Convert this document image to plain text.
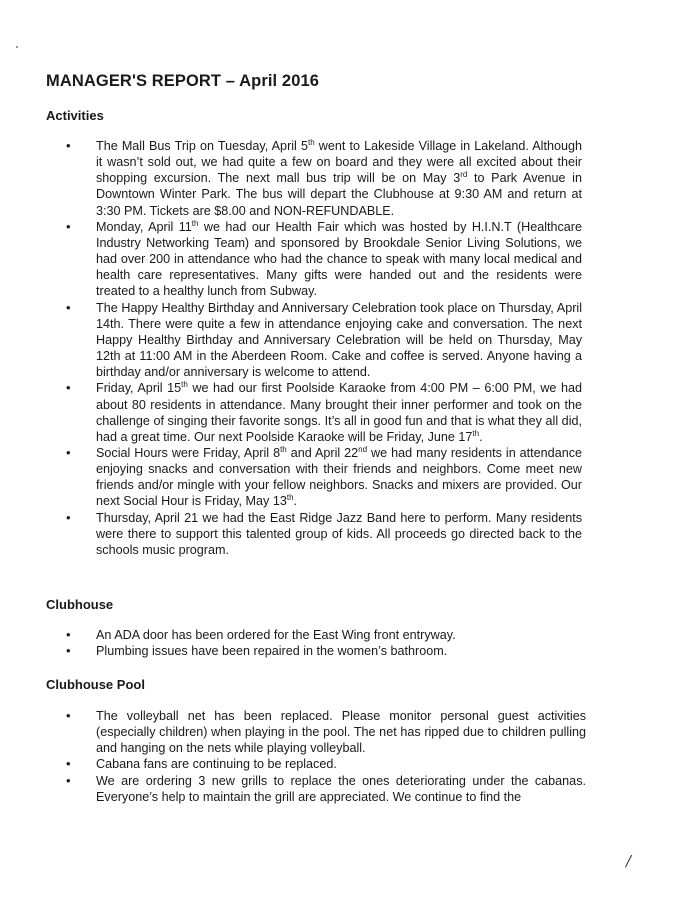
MANAGER'S REPORT – April 2016
Activities
• The Mall Bus Trip on Tuesday, April 5th went to Lakeside Village in Lakeland. Although it wasn’t sold out, we had quite a few on board and they were all excited about their shopping excursion. The next mall bus trip will be on May 3rd to Park Avenue in Downtown Winter Park. The bus will depart the Clubhouse at 9:30 AM and return at 3:30 PM. Tickets are $8.00 and NON-REFUNDABLE.
• Monday, April 11th we had our Health Fair which was hosted by H.I.N.T (Healthcare Industry Networking Team) and sponsored by Brookdale Senior Living Solutions, we had over 200 in attendance who had the chance to speak with many local medical and health care representatives. Many gifts were handed out and the residents were treated to a healthy lunch from Subway.
• The Happy Healthy Birthday and Anniversary Celebration took place on Thursday, April 14th. There were quite a few in attendance enjoying cake and conversation. The next Happy Healthy Birthday and Anniversary Celebration will be held on Thursday, May 12th at 11:00 AM in the Aberdeen Room. Cake and coffee is served. Anyone having a birthday and/or anniversary is welcome to attend.
• Friday, April 15th we had our first Poolside Karaoke from 4:00 PM – 6:00 PM, we had about 80 residents in attendance. Many brought their inner performer and took on the challenge of singing their favorite songs. It’s all in good fun and that is what they all did, had a great time. Our next Poolside Karaoke will be Friday, June 17th.
• Social Hours were Friday, April 8th and April 22nd we had many residents in attendance enjoying snacks and conversation with their friends and neighbors. Come meet new friends and/or mingle with your fellow neighbors. Snacks and mixers are provided. Our next Social Hour is Friday, May 13th.
• Thursday, April 21 we had the East Ridge Jazz Band here to perform. Many residents were there to support this talented group of kids. All proceeds go directed back to the schools music program.
Clubhouse
• An ADA door has been ordered for the East Wing front entryway.
• Plumbing issues have been repaired in the women’s bathroom.
Clubhouse Pool
• The volleyball net has been replaced. Please monitor personal guest activities (especially children) when playing in the pool. The net has ripped due to children pulling and hanging on the nets while playing volleyball.
• Cabana fans are continuing to be replaced.
• We are ordering 3 new grills to replace the ones deteriorating under the cabanas. Everyone’s help to maintain the grill are appreciated. We continue to find the
/
